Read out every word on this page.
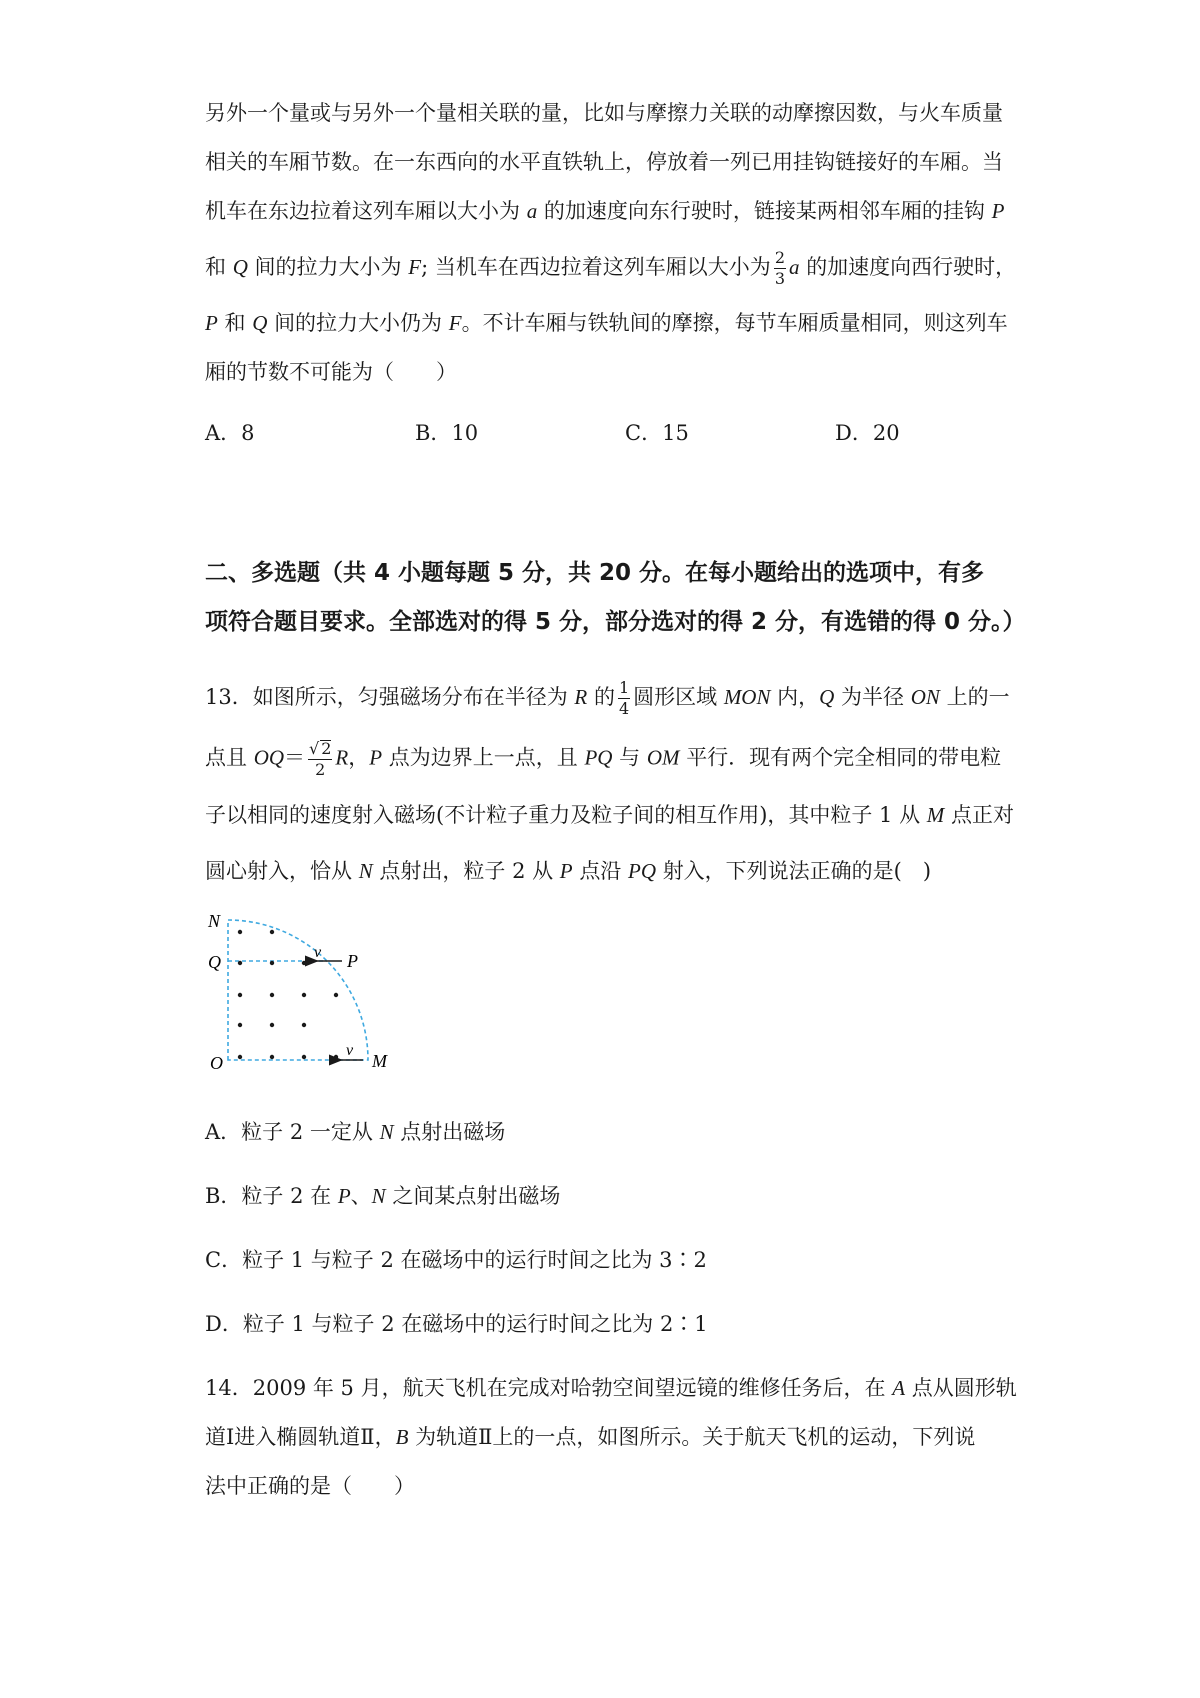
另外一个量或与另外一个量相关联的量，比如与摩擦力关联的动摩擦因数，与火车质量
相关的车厢节数。在一东西向的水平直铁轨上，停放着一列已用挂钩链接好的车厢。当
机车在东边拉着这列车厢以大小为 a 的加速度向东行驶时，链接某两相邻车厢的挂钩 P
和 Q 间的拉力大小为 F; 当机车在西边拉着这列车厢以大小为 $\frac{2}{3}$ a 的加速度向西行驶时，
P 和 Q 间的拉力大小仍为 F。不计车厢与铁轨间的摩擦，每节车厢质量相同，则这列车
厢的节数不可能为（　　）
A．8	B．10	C．15	D．20
二、多选题（共 4 小题每题 5 分，共 20 分。在每小题给出的选项中，有多
项符合题目要求。全部选对的得 5 分，部分选对的得 2 分，有选错的得 0 分。）
13．如图所示，匀强磁场分布在半径为 R 的 $\frac{1}{4}$ 圆形区域 MON 内，Q 为半径 ON 上的一
点且 $OQ= \frac{√ 2}{2}$ R，P 点为边界上一点，且 PQ 与 OM 平行．现有两个完全相同的带电粒
子以相同的速度射入磁场(不计粒子重力及粒子间的相互作用)，其中粒子 1 从 M 点正对
圆心射入，恰从 N 点射出，粒子 2 从 P 点沿 PQ 射入，下列说法正确的是(　)
N
Q	P
O	M
v
v
A．粒子 2 一定从 N 点射出磁场
B．粒子 2 在 P、N 之间某点射出磁场
C．粒子 1 与粒子 2 在磁场中的运行时间之比为 3∶2
D．粒子 1 与粒子 2 在磁场中的运行时间之比为 2∶1
14．2009 年 5 月，航天飞机在完成对哈勃空间望远镜的维修任务后，在 A 点从圆形轨
道Ⅰ进入椭圆轨道Ⅱ，B 为轨道Ⅱ上的一点，如图所示。关于航天飞机的运动，下列说
法中正确的是（　　）
